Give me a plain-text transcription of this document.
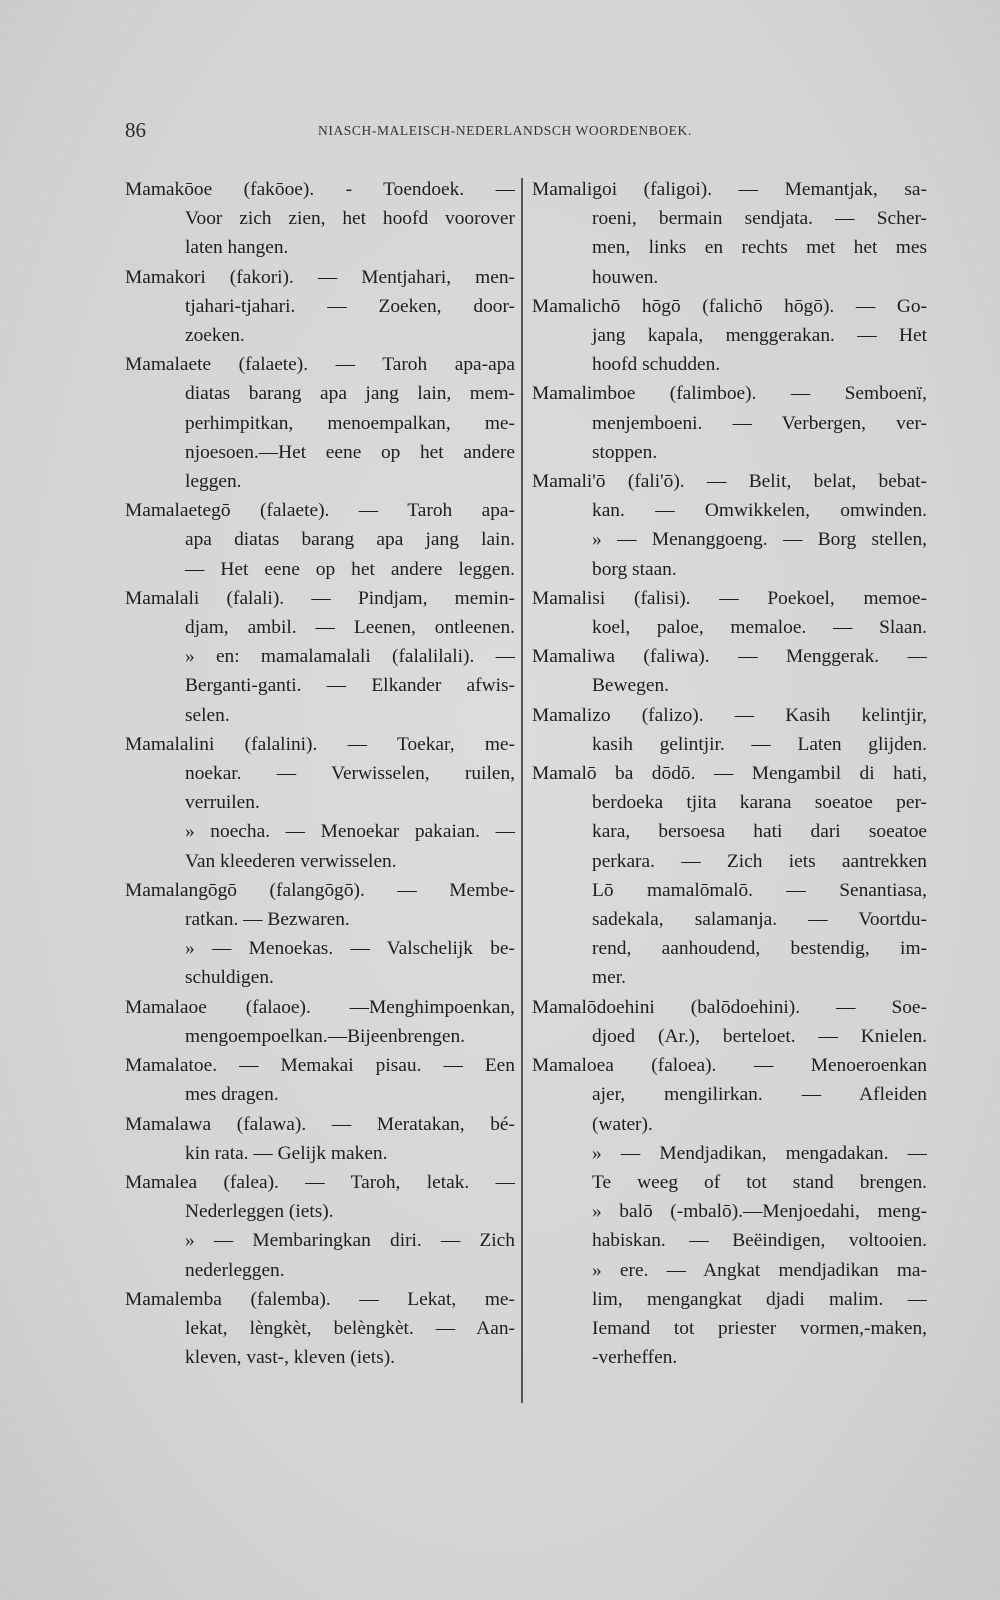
86	NIASCH-MALEISCH-NEDERLANDSCH WOORDENBOEK.
Mamakōoe (fakōoe). - Toendoek. —
Voor zich zien, het hoofd voorover
laten hangen.
Mamakori (fakori). — Mentjahari, men-
tjahari-tjahari. — Zoeken, door-
zoeken.
Mamalaete (falaete). — Taroh apa-apa
diatas barang apa jang lain, mem-
perhimpitkan, menoempalkan, me-
njoesoen.—Het eene op het andere
leggen.
Mamalaetegō (falaete). — Taroh apa-
apa diatas barang apa jang lain.
— Het eene op het andere leggen.
Mamalali (falali). — Pindjam, memin-
djam, ambil. — Leenen, ontleenen.
» en: mamalamalali (falalilali). —
Berganti-ganti. — Elkander afwis-
selen.
Mamalalini (falalini). — Toekar, me-
noekar. — Verwisselen, ruilen,
verruilen.
» noecha. — Menoekar pakaian. —
Van kleederen verwisselen.
Mamalangōgō (falangōgō). — Membe-
ratkan. — Bezwaren.
» — Menoekas. — Valschelijk be-
schuldigen.
Mamalaoe (falaoe). —Menghimpoenkan,
mengoempoelkan.—Bijeenbrengen.
Mamalatoe. — Memakai pisau. — Een
mes dragen.
Mamalawa (falawa). — Meratakan, bé-
kin rata. — Gelijk maken.
Mamalea (falea). — Taroh, letak. —
Nederleggen (iets).
» — Membaringkan diri. — Zich
nederleggen.
Mamalemba (falemba). — Lekat, me-
lekat, lèngkèt, belèngkèt. — Aan-
kleven, vast-, kleven (iets).
Mamaligoi (faligoi). — Memantjak, sa-
roeni, bermain sendjata. — Scher-
men, links en rechts met het mes
houwen.
Mamalichō hōgō (falichō hōgō). — Go-
jang kapala, menggerakan. — Het
hoofd schudden.
Mamalimboe (falimboe). — Semboenï,
menjemboeni. — Verbergen, ver-
stoppen.
Mamali'ō (fali'ō). — Belit, belat, bebat-
kan. — Omwikkelen, omwinden.
» — Menanggoeng. — Borg stellen,
borg staan.
Mamalisi (falisi). — Poekoel, memoe-
koel, paloe, memaloe. — Slaan.
Mamaliwa (faliwa). — Menggerak. —
Bewegen.
Mamalizo (falizo). — Kasih kelintjir,
kasih gelintjir. — Laten glijden.
Mamalō ba dōdō. — Mengambil di hati,
berdoeka tjita karana soeatoe per-
kara, bersoesa hati dari soeatoe
perkara. — Zich iets aantrekken
Lō mamalōmalō. — Senantiasa,
sadekala, salamanja. — Voortdu-
rend, aanhoudend, bestendig, im-
mer.
Mamalōdoehini (balōdoehini). — Soe-
djoed (Ar.), berteloet. — Knielen.
Mamaloea (faloea). — Menoeroenkan
ajer, mengilirkan. — Afleiden
(water).
» — Mendjadikan, mengadakan. —
Te weeg of tot stand brengen.
» balō (-mbalō).—Menjoedahi, meng-
habiskan. — Beëindigen, voltooien.
» ere. — Angkat mendjadikan ma-
lim, mengangkat djadi malim. —
Iemand tot priester vormen,-maken,
-verheffen.
